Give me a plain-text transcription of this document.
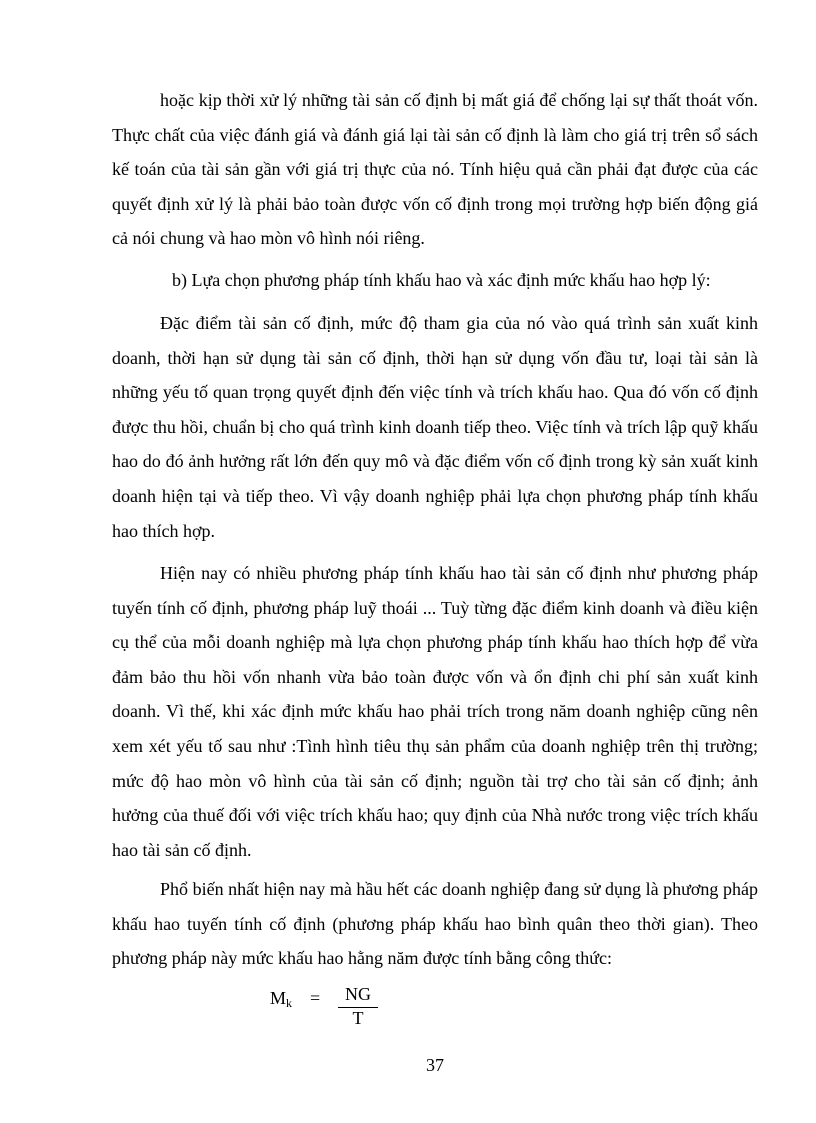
hoặc kịp thời xử lý những tài sản cố định bị mất giá để chống lại sự thất thoát vốn. Thực chất của việc đánh giá và đánh giá lại tài sản cố định là làm cho giá trị trên sổ sách kế toán của tài sản gần với giá trị thực của nó. Tính hiệu quả cần phải đạt được của các quyết định xử lý là phải bảo toàn được vốn cố định trong mọi trường hợp biến động giá cả nói chung và hao mòn vô hình nói riêng.

b) Lựa chọn phương pháp tính khấu hao và xác định mức khấu hao hợp lý:

Đặc điểm tài sản cố định, mức độ tham gia của nó vào quá trình sản xuất kinh doanh, thời hạn sử dụng tài sản cố định, thời hạn sử dụng vốn đầu tư, loại tài sản là những yếu tố quan trọng quyết định đến việc tính và trích khấu hao. Qua đó vốn cố định được thu hồi, chuẩn bị cho quá trình kinh doanh tiếp theo. Việc tính và trích lập quỹ khấu hao do đó ảnh hưởng rất lớn đến quy mô và đặc điểm vốn cố định trong kỳ sản xuất kinh doanh hiện tại và tiếp theo. Vì vậy doanh nghiệp phải lựa chọn phương pháp tính khấu hao thích hợp.

Hiện nay có nhiều phương pháp tính khấu hao tài sản cố định như phương pháp tuyến tính cố định, phương pháp luỹ thoái ... Tuỳ từng đặc điểm kinh doanh và điều kiện cụ thể của mỗi doanh nghiệp mà lựa chọn phương pháp tính khấu hao thích hợp để vừa đảm bảo thu hồi vốn nhanh vừa bảo toàn được vốn và ổn định chi phí sản xuất kinh doanh. Vì thế, khi xác định mức khấu hao phải trích trong năm doanh nghiệp cũng nên xem xét yếu tố sau như :Tình hình tiêu thụ sản phẩm của doanh nghiệp trên thị trường; mức độ hao mòn vô hình của tài sản cố định; nguồn tài trợ cho tài sản cố định; ảnh hưởng của thuế đối với việc trích khấu hao; quy định của Nhà nước trong việc trích khấu hao tài sản cố định.

Phổ biến nhất hiện nay mà hầu hết các doanh nghiệp đang sử dụng là phương pháp khấu hao tuyến tính cố định (phương pháp khấu hao bình quân theo thời gian). Theo phương pháp này mức khấu hao hằng năm được tính bằng công thức:

$M_k$ =	NG
T
37
